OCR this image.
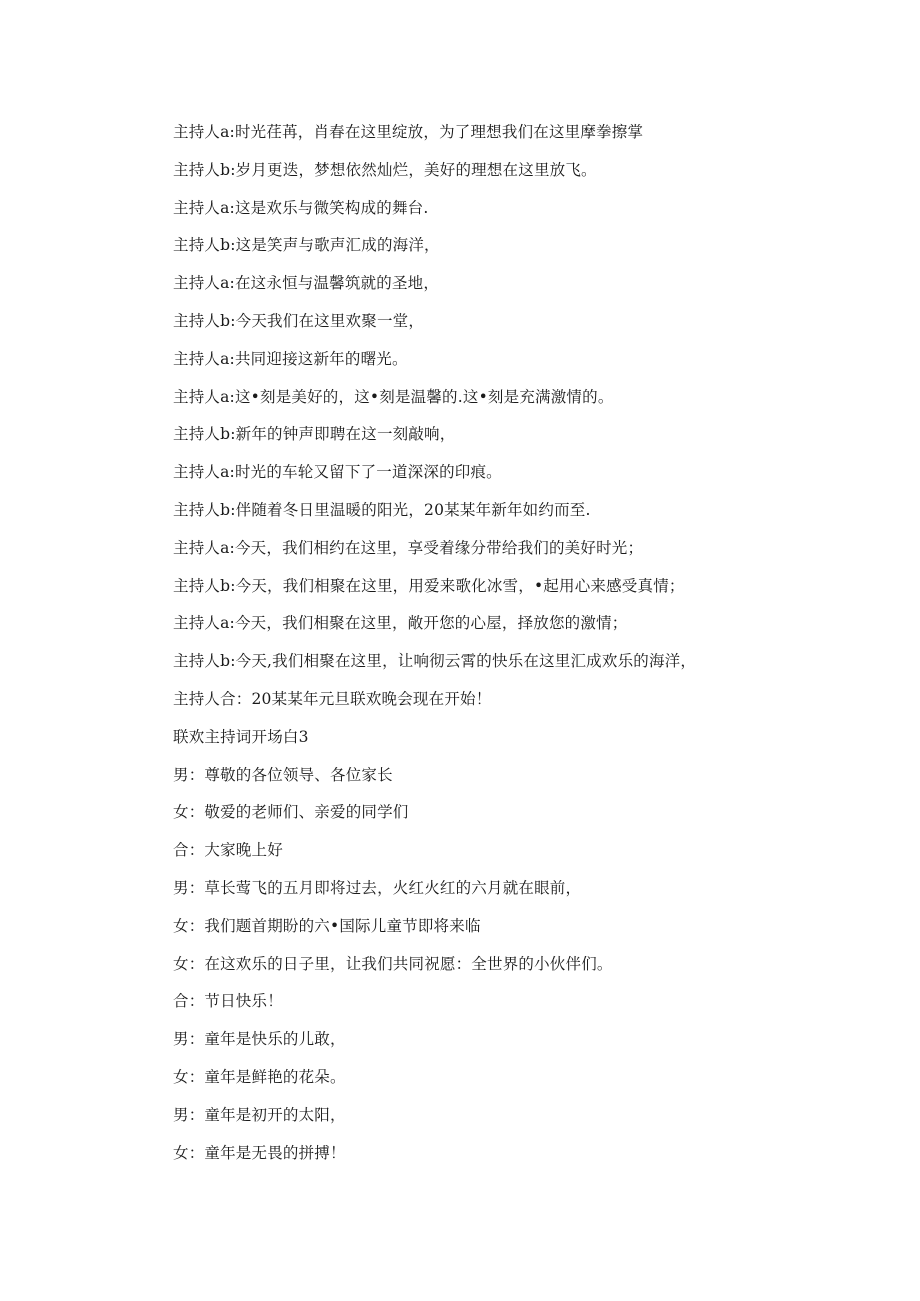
主持人a:时光荏苒，肖春在这里绽放，为了理想我们在这里摩拳擦掌
主持人b:岁月更迭，梦想依然灿烂，美好的理想在这里放飞。
主持人a:这是欢乐与微笑构成的舞台.
主持人b:这是笑声与歌声汇成的海洋，
主持人a:在这永恒与温馨筑就的圣地，
主持人b:今天我们在这里欢聚一堂，
主持人a:共同迎接这新年的曙光。
主持人a:这•刻是美好的，这•刻是温馨的.这•刻是充满激情的。
主持人b:新年的钟声即聘在这一刻敲响，
主持人a:时光的车轮又留下了一道深深的印痕。
主持人b:伴随着冬日里温暖的阳光，20某某年新年如约而至.
主持人a:今天，我们相约在这里，享受着缘分带给我们的美好时光；
主持人b:今天，我们相聚在这里，用爱来歌化冰雪，•起用心来感受真情；
主持人a:今天，我们相聚在这里，敞开您的心屋，择放您的激情；
主持人b:今天,我们相聚在这里，让响彻云霄的快乐在这里汇成欢乐的海洋，
主持人合：20某某年元旦联欢晚会现在开始！
联欢主持词开场白3
男：尊敬的各位领导、各位家长
女：敬爱的老师们、亲爱的同学们
合：大家晚上好
男：草长莺飞的五月即将过去，火红火红的六月就在眼前，
女：我们题首期盼的六•国际儿童节即将来临
女：在这欢乐的日子里，让我们共同祝愿：全世界的小伙伴们。
合：节日快乐！
男：童年是快乐的儿敢，
女：童年是鲜艳的花朵。
男：童年是初开的太阳，
女：童年是无畏的拼搏！
